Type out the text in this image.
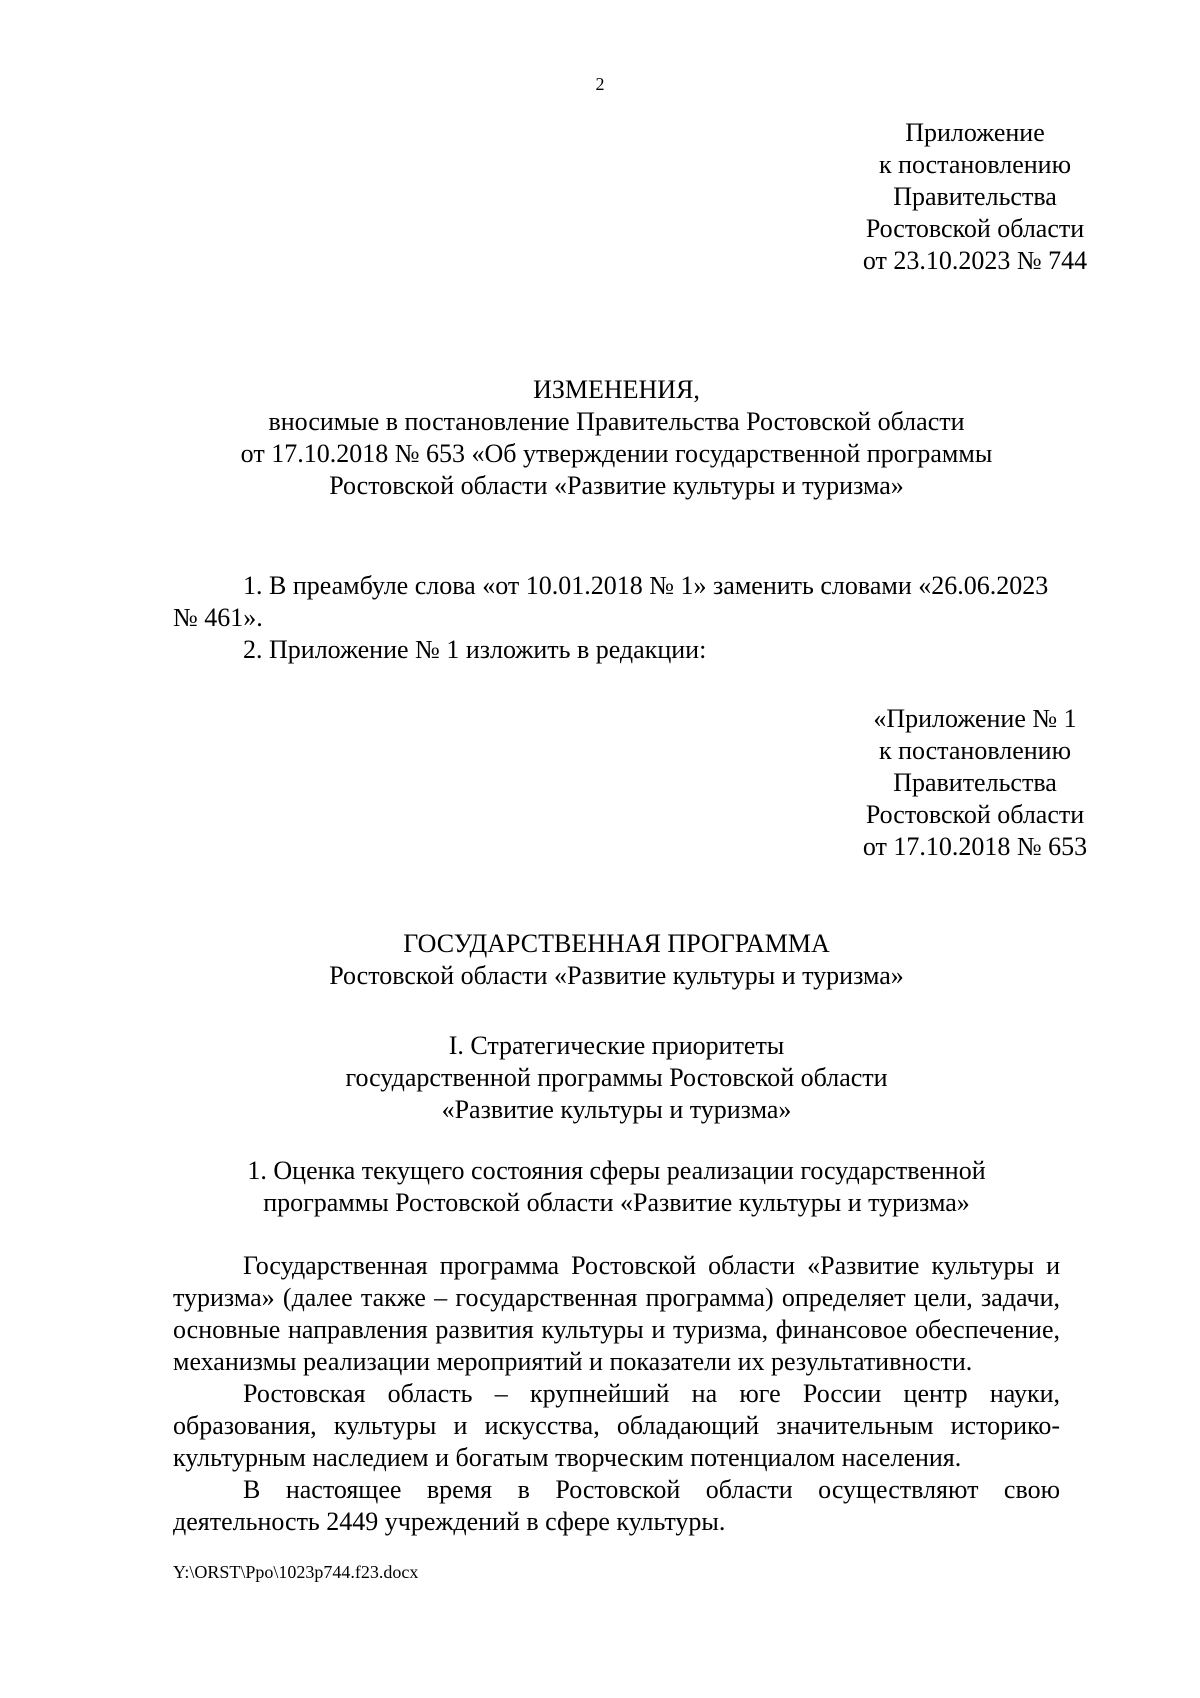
2
Приложение
к постановлению
Правительства
Ростовской области
от 23.10.2023 № 744
ИЗМЕНЕНИЯ,
вносимые в постановление Правительства Ростовской области
от 17.10.2018 № 653 «Об утверждении государственной программы
Ростовской области «Развитие культуры и туризма»

1. В преамбуле слова «от 10.01.2018 № 1» заменить словами «26.06.2023 № 461».

2. Приложение № 1 изложить в редакции:

«Приложение № 1
к постановлению
Правительства
Ростовской области
от 17.10.2018 № 653
ГОСУДАРСТВЕННАЯ ПРОГРАММА
Ростовской области «Развитие культуры и туризма»
I. Стратегические приоритеты
государственной программы Ростовской области
«Развитие культуры и туризма»
1. Оценка текущего состояния сферы реализации государственной
программы Ростовской области «Развитие культуры и туризма»

Государственная программа Ростовской области «Развитие культуры и туризма» (далее также – государственная программа) определяет цели, задачи, основные направления развития культуры и туризма, финансовое обеспечение, механизмы реализации мероприятий и показатели их результативности.

Ростовская область – крупнейший на юге России центр науки, образования, культуры и искусства, обладающий значительным историко-культурным наследием и богатым творческим потенциалом населения.

В настоящее время в Ростовской области осуществляют свою деятельность 2449 учреждений в сфере культуры.

Y:\ORST\Ppo\1023p744.f23.docx
